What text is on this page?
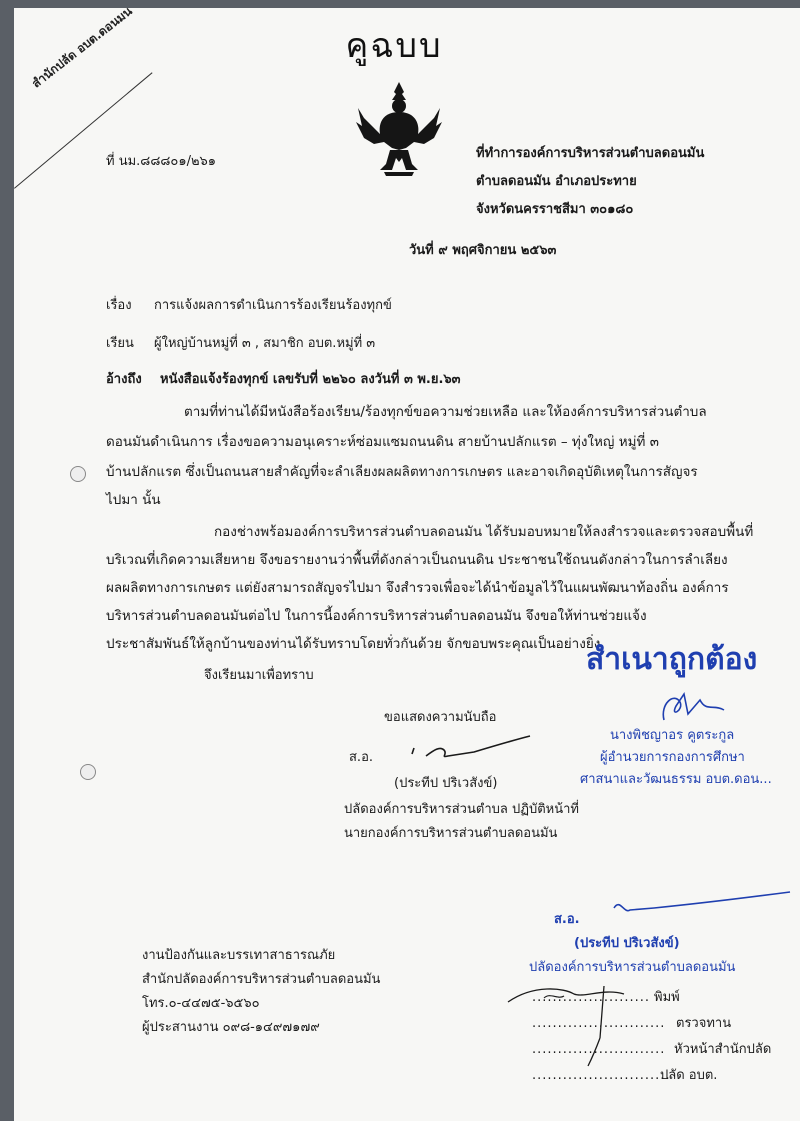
คูฉบบ
สำนักปลัด อบต.ดอนมน
ที่ นม.๘๘๘๐๑/๒๖๑
ที่ทำการองค์การบริหารส่วนตำบลดอนมัน
ตำบลดอนมัน อำเภอประทาย
จังหวัดนครราชสีมา ๓๐๑๘๐
วันที่ ๙ พฤศจิกายน ๒๕๖๓
เรื่อง การแจ้งผลการดำเนินการร้องเรียนร้องทุกข์
เรียน ผู้ใหญ่บ้านหมู่ที่ ๓ , สมาชิก อบต.หมู่ที่ ๓
อ้างถึง หนังสือแจ้งร้องทุกข์ เลขรับที่ ๒๒๖๐ ลงวันที่ ๓ พ.ย.๖๓
ตามที่ท่านได้มีหนังสือร้องเรียน/ร้องทุกข์ขอความช่วยเหลือ และให้องค์การบริหารส่วนตำบล
ดอนมันดำเนินการ เรื่องขอความอนุเคราะห์ซ่อมแซมถนนดิน สายบ้านปลักแรต – ทุ่งใหญ่ หมู่ที่ ๓
บ้านปลักแรต ซึ่งเป็นถนนสายสำคัญที่จะลำเลียงผลผลิตทางการเกษตร และอาจเกิดอุบัติเหตุในการสัญจร
ไปมา นั้น
กองช่างพร้อมองค์การบริหารส่วนตำบลดอนมัน ได้รับมอบหมายให้ลงสำรวจและตรวจสอบพื้นที่
บริเวณที่เกิดความเสียหาย จึงขอรายงานว่าพื้นที่ดังกล่าวเป็นถนนดิน ประชาชนใช้ถนนดังกล่าวในการลำเลียง
ผลผลิตทางการเกษตร แต่ยังสามารถสัญจรไปมา จึงสำรวจเพื่อจะได้นำข้อมูลไว้ในแผนพัฒนาท้องถิ่น องค์การ
บริหารส่วนตำบลดอนมันต่อไป ในการนี้องค์การบริหารส่วนตำบลดอนมัน จึงขอให้ท่านช่วยแจ้ง
ประชาสัมพันธ์ให้ลูกบ้านของท่านได้รับทราบโดยทั่วกันด้วย จักขอบพระคุณเป็นอย่างยิ่ง
จึงเรียนมาเพื่อทราบ
ขอแสดงความนับถือ
ส.อ.
(ประทีป ปริเวสังข์)
ปลัดองค์การบริหารส่วนตำบล ปฏิบัติหน้าที่
นายกองค์การบริหารส่วนตำบลดอนมัน
สำเนาถูกต้อง
นางพิชญาอร คูตระกูล
ผู้อำนวยการกองการศึกษา
ศาสนาและวัฒนธรรม อบต.ดอน...
ส.อ.
(ประทีป ปริเวสังข์)
ปลัดองค์การบริหารส่วนตำบลดอนมัน
งานป้องกันและบรรเทาสาธารณภัย
สำนักปลัดองค์การบริหารส่วนตำบลดอนมัน
โทร.๐-๔๔๗๕-๖๕๖๐
ผู้ประสานงาน ๐๙๘-๑๔๙๗๑๗๙
....................... พิมพ์
.......................... ตรวจทาน
.......................... หัวหน้าสำนักปลัด
...........................
ปลัด อบต.
